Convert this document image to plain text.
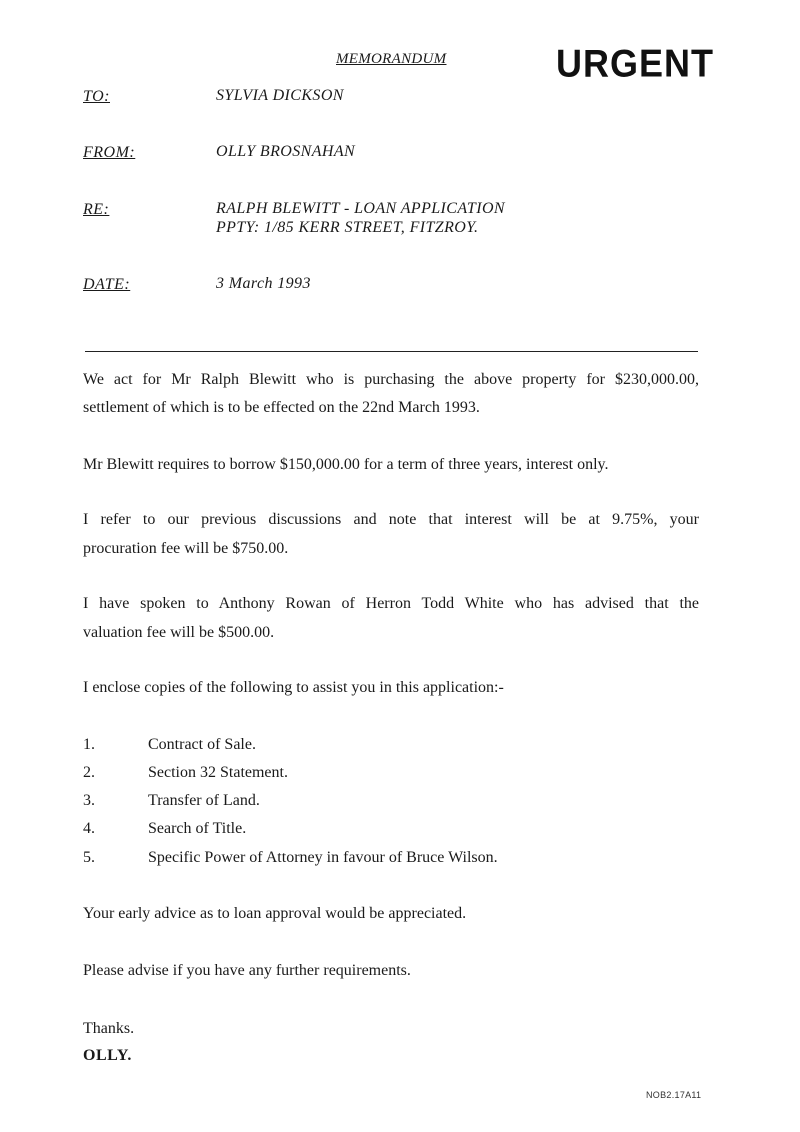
MEMORANDUM	URGENT
TO:	SYLVIA DICKSON
FROM:	OLLY BROSNAHAN
RE:	RALPH BLEWITT - LOAN APPLICATION
PPTY: 1/85 KERR STREET, FITZROY.
DATE:	3 March 1993

We act for Mr Ralph Blewitt who is purchasing the above property for $230,000.00,

settlement of which is to be effected on the 22nd March 1993.

Mr Blewitt requires to borrow $150,000.00 for a term of three years, interest only.

I refer to our previous discussions and note that interest will be at 9.75%, your

procuration fee will be $750.00.

I have spoken to Anthony Rowan of Herron Todd White who has advised that the

valuation fee will be $500.00.

I enclose copies of the following to assist you in this application:-

1.	Contract of Sale.
2.	Section 32 Statement.
3.	Transfer of Land.
4.	Search of Title.
5.	Specific Power of Attorney in favour of Bruce Wilson.

Your early advice as to loan approval would be appreciated.

Please advise if you have any further requirements.

Thanks.
OLLY.
NOB2.17A11
